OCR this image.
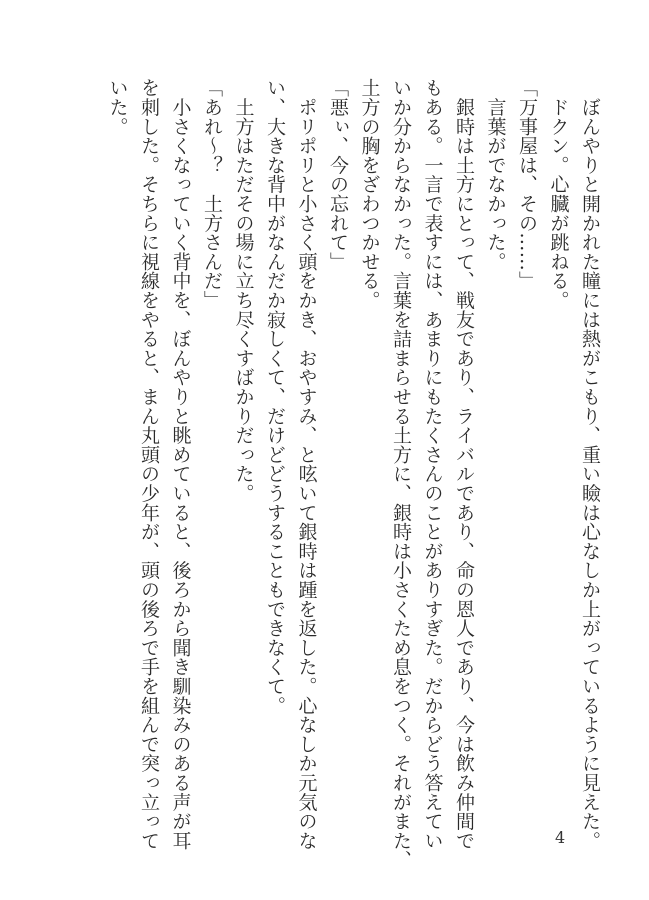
　ぼんやりと開かれた瞳には熱がこもり、重い瞼は心なしか上がっているように見えた。
　ドクン。心臓が跳ねる。
「万事屋は、その……」
　言葉がでなかった。
　銀時は土方にとって、戦友であり、ライバルであり、命の恩人であり、今は飲み仲間で
もある。一言で表すには、あまりにもたくさんのことがありすぎた。だからどう答えてい
いか分からなかった。言葉を詰まらせる土方に、銀時は小さくため息をつく。それがまた、
土方の胸をざわつかせる。
「悪ぃ、今の忘れて」
　ポリポリと小さく頭をかき、おやすみ、と呟いて銀時は踵を返した。心なしか元気のな
い、大きな背中がなんだか寂しくて、だけどどうすることもできなくて。
　土方はただその場に立ち尽くすばかりだった。
「あれ〜？　土方さんだ」
　小さくなっていく背中を、ぼんやりと眺めていると、後ろから聞き馴染みのある声が耳
を刺した。そちらに視線をやると、まん丸頭の少年が、頭の後ろで手を組んで突っ立って
いた。
4
